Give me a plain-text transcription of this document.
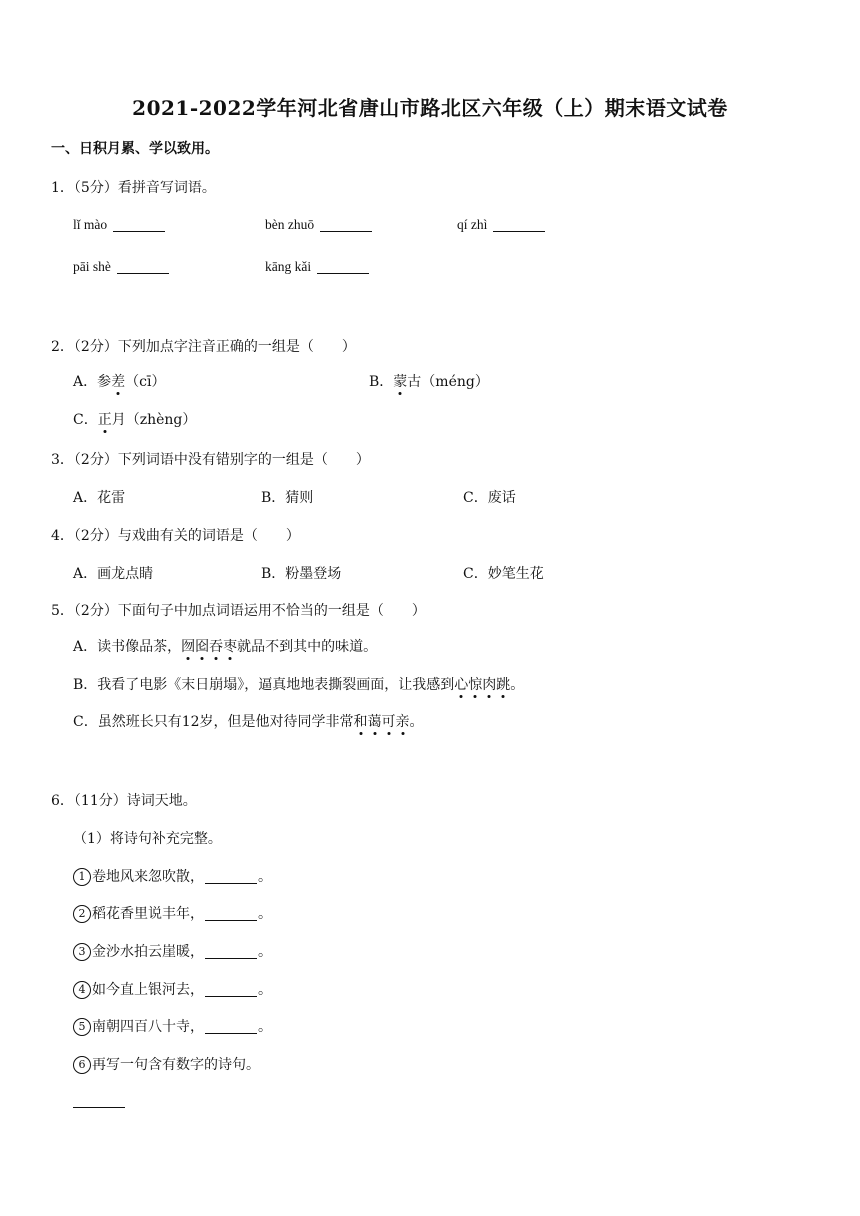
2021-2022学年河北省唐山市路北区六年级（上）期末语文试卷
一、日积月累、学以致用。
1．（5分）看拼音写词语。
lǐ mào	bèn zhuō	qí zhì
pāi shè	kāng kǎi
2．（2分）下列加点字注音正确的一组是（　　）
A．参差（cī）	B．蒙古（méng）
C．正月（zhèng）
3．（2分）下列词语中没有错别字的一组是（　　）
A．花雷	B．猜则	C．废话
4．（2分）与戏曲有关的词语是（　　）
A．画龙点睛	B．粉墨登场	C．妙笔生花
5．（2分）下面句子中加点词语运用不恰当的一组是（　　）
A．读书像品茶，囫囵吞枣就品不到其中的味道。
B．我看了电影《末日崩塌》，逼真地地表撕裂画面，让我感到心惊肉跳。
C．虽然班长只有12岁，但是他对待同学非常和蔼可亲。
6．（11分）诗词天地。
（1）将诗句补充完整。
1 卷地风来忽吹散，	。
2 稻花香里说丰年，	。
3 金沙水拍云崖暖，	。
4 如今直上银河去，	。
5 南朝四百八十寺，	。
6 再写一句含有数字的诗句。
